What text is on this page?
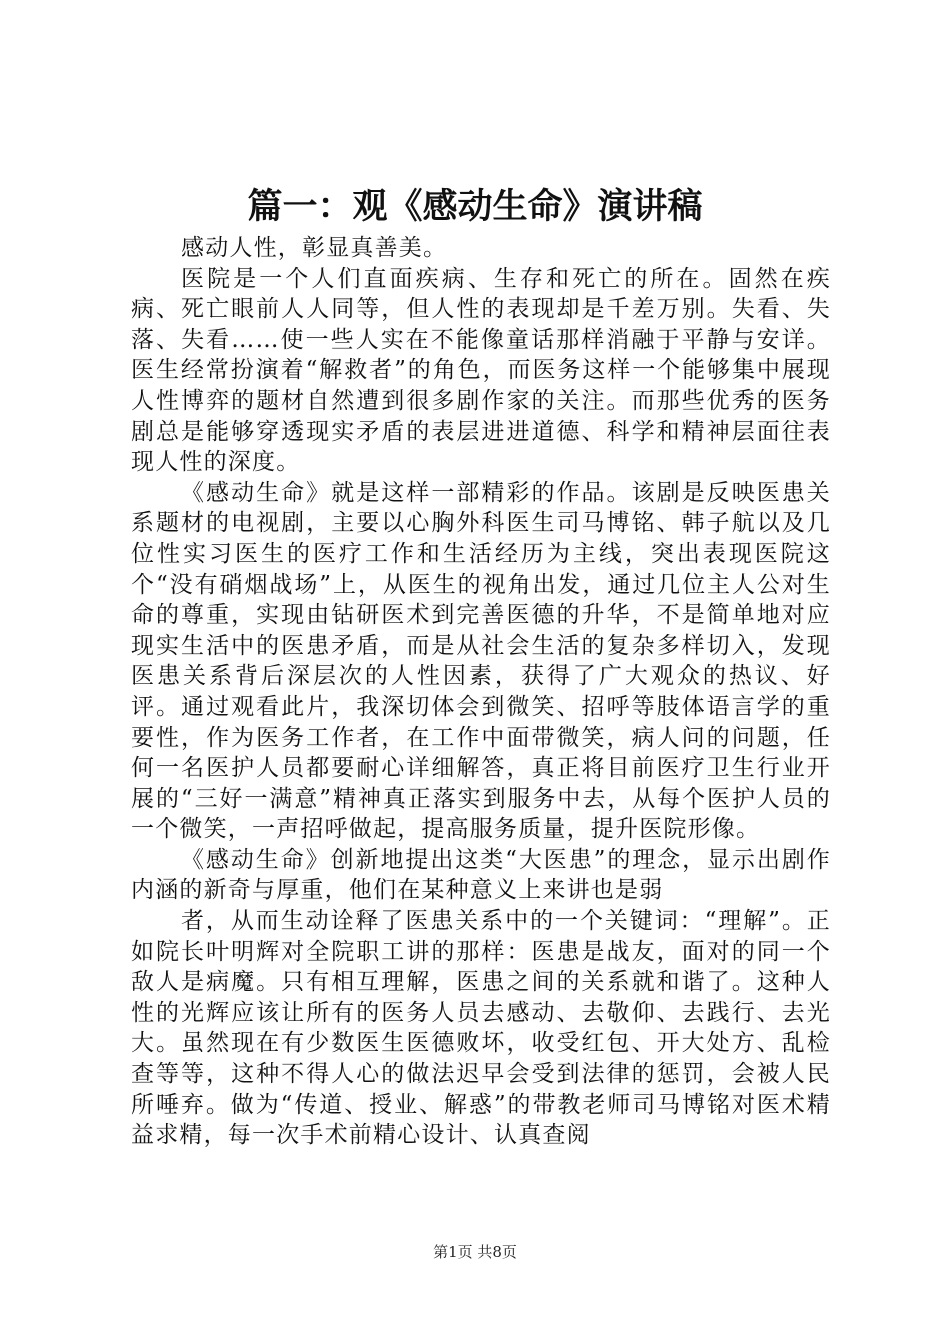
篇一：观《感动生命》演讲稿

感动人性，彰显真善美。

医院是一个人们直面疾病、生存和死亡的所在。固然在疾病、死亡眼前人人同等，但人性的表现却是千差万别。失看、失落、失看……使一些人实在不能像童话那样消融于平静与安详。医生经常扮演着“解救者”的角色，而医务这样一个能够集中展现人性博弈的题材自然遭到很多剧作家的关注。而那些优秀的医务剧总是能够穿透现实矛盾的表层进进道德、科学和精神层面往表现人性的深度。

《感动生命》就是这样一部精彩的作品。该剧是反映医患关系题材的电视剧，主要以心胸外科医生司马博铭、韩子航以及几位性实习医生的医疗工作和生活经历为主线，突出表现医院这个“没有硝烟战场”上，从医生的视角出发，通过几位主人公对生命的尊重，实现由钻研医术到完善医德的升华，不是简单地对应现实生活中的医患矛盾，而是从社会生活的复杂多样切入，发现医患关系背后深层次的人性因素，获得了广大观众的热议、好评。通过观看此片，我深切体会到微笑、招呼等肢体语言学的重要性，作为医务工作者，在工作中面带微笑，病人问的问题，任何一名医护人员都要耐心详细解答，真正将目前医疗卫生行业开展的“三好一满意”精神真正落实到服务中去，从每个医护人员的一个微笑，一声招呼做起，提高服务质量，提升医院形像。

《感动生命》创新地提出这类“大医患”的理念，显示出剧作内涵的新奇与厚重，他们在某种意义上来讲也是弱

者，从而生动诠释了医患关系中的一个关键词：“理解”。正如院长叶明辉对全院职工讲的那样：医患是战友，面对的同一个敌人是病魔。只有相互理解，医患之间的关系就和谐了。这种人性的光辉应该让所有的医务人员去感动、去敬仰、去践行、去光大。虽然现在有少数医生医德败坏，收受红包、开大处方、乱检查等等，这种不得人心的做法迟早会受到法律的惩罚，会被人民所唾弃。做为“传道、授业、解惑”的带教老师司马博铭对医术精益求精，每一次手术前精心设计、认真查阅

第1页 共8页
